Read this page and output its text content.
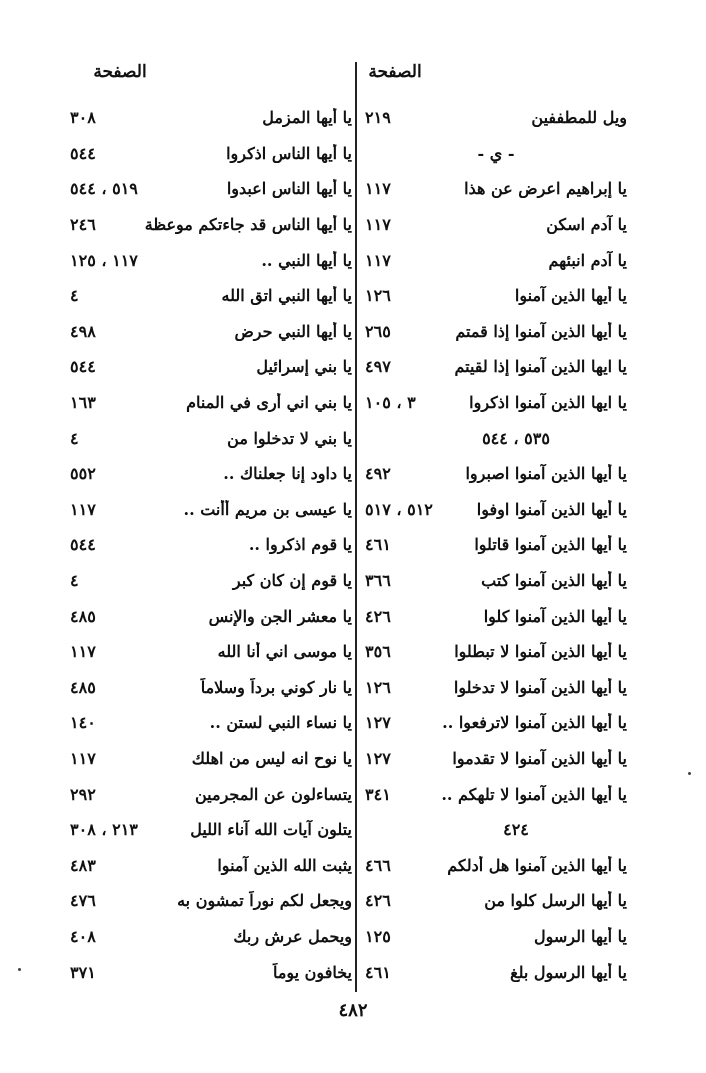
الصفحة
الصفحة
ويل للمطففين
٢١٩
- ي -
يا إبراهيم اعرض عن هذا
١١٧
يا آدم اسكن
١١٧
يا آدم انبئهم
١١٧
يا أيها الذين آمنوا
١٢٦
يا أيها الذين آمنوا إذا قمتم
٢٦٥
يا ايها الذين آمنوا إذا لقيتم
٤٩٧
يا ايها الذين آمنوا اذكروا
٣ ، ١٠٥
٥٣٥ ، ٥٤٤
يا أيها الذين آمنوا اصبروا
٤٩٢
يا أيها الذين آمنوا اوفوا
٥١٢ ، ٥١٧
يا أيها الذين آمنوا قاتلوا
٤٦١
يا أيها الذين آمنوا كتب
٣٦٦
يا أيها الذين آمنوا كلوا
٤٢٦
يا أيها الذين آمنوا لا تبطلوا
٣٥٦
يا أيها الذين آمنوا لا تدخلوا
١٢٦
يا أيها الذين آمنوا لاترفعوا ..
١٢٧
يا أيها الذين آمنوا لا تقدموا
١٢٧
يا أيها الذين آمنوا لا تلهكم ..
٣٤١
٤٢٤
يا أيها الذين آمنوا هل أدلكم
٤٦٦
يا أيها الرسل كلوا من
٤٢٦
يا أيها الرسول
١٢٥
يا أيها الرسول بلغ
٤٦١
يا أيها المزمل
٣٠٨
يا أيها الناس اذكروا
٥٤٤
يا أيها الناس اعبدوا
٥١٩ ، ٥٤٤
يا أيها الناس قد جاءتكم موعظة
٢٤٦
يا أيها النبي ..
١١٧ ، ١٢٥
يا أيها النبي اتق الله
٤
يا أيها النبي حرض
٤٩٨
يا بني إسرائيل
٥٤٤
يا بني اني أرى في المنام
١٦٣
يا بني لا تدخلوا من
٤
يا داود إنا جعلناك ..
٥٥٢
يا عيسى بن مريم أأنت ..
١١٧
يا قوم اذكروا ..
٥٤٤
يا قوم إن كان كبر
٤
يا معشر الجن والإنس
٤٨٥
يا موسى اني أنا الله
١١٧
يا نار كوني برداً وسلاماً
٤٨٥
يا نساء النبي لستن ..
١٤٠
يا نوح انه ليس من اهلك
١١٧
يتساءلون عن المجرمين
٢٩٢
يتلون آيات الله آناء الليل
٢١٣ ، ٣٠٨
يثبت الله الذين آمنوا
٤٨٣
ويجعل لكم نوراً تمشون به
٤٧٦
ويحمل عرش ربك
٤٠٨
يخافون يوماً
٣٧١
٤٨٢
